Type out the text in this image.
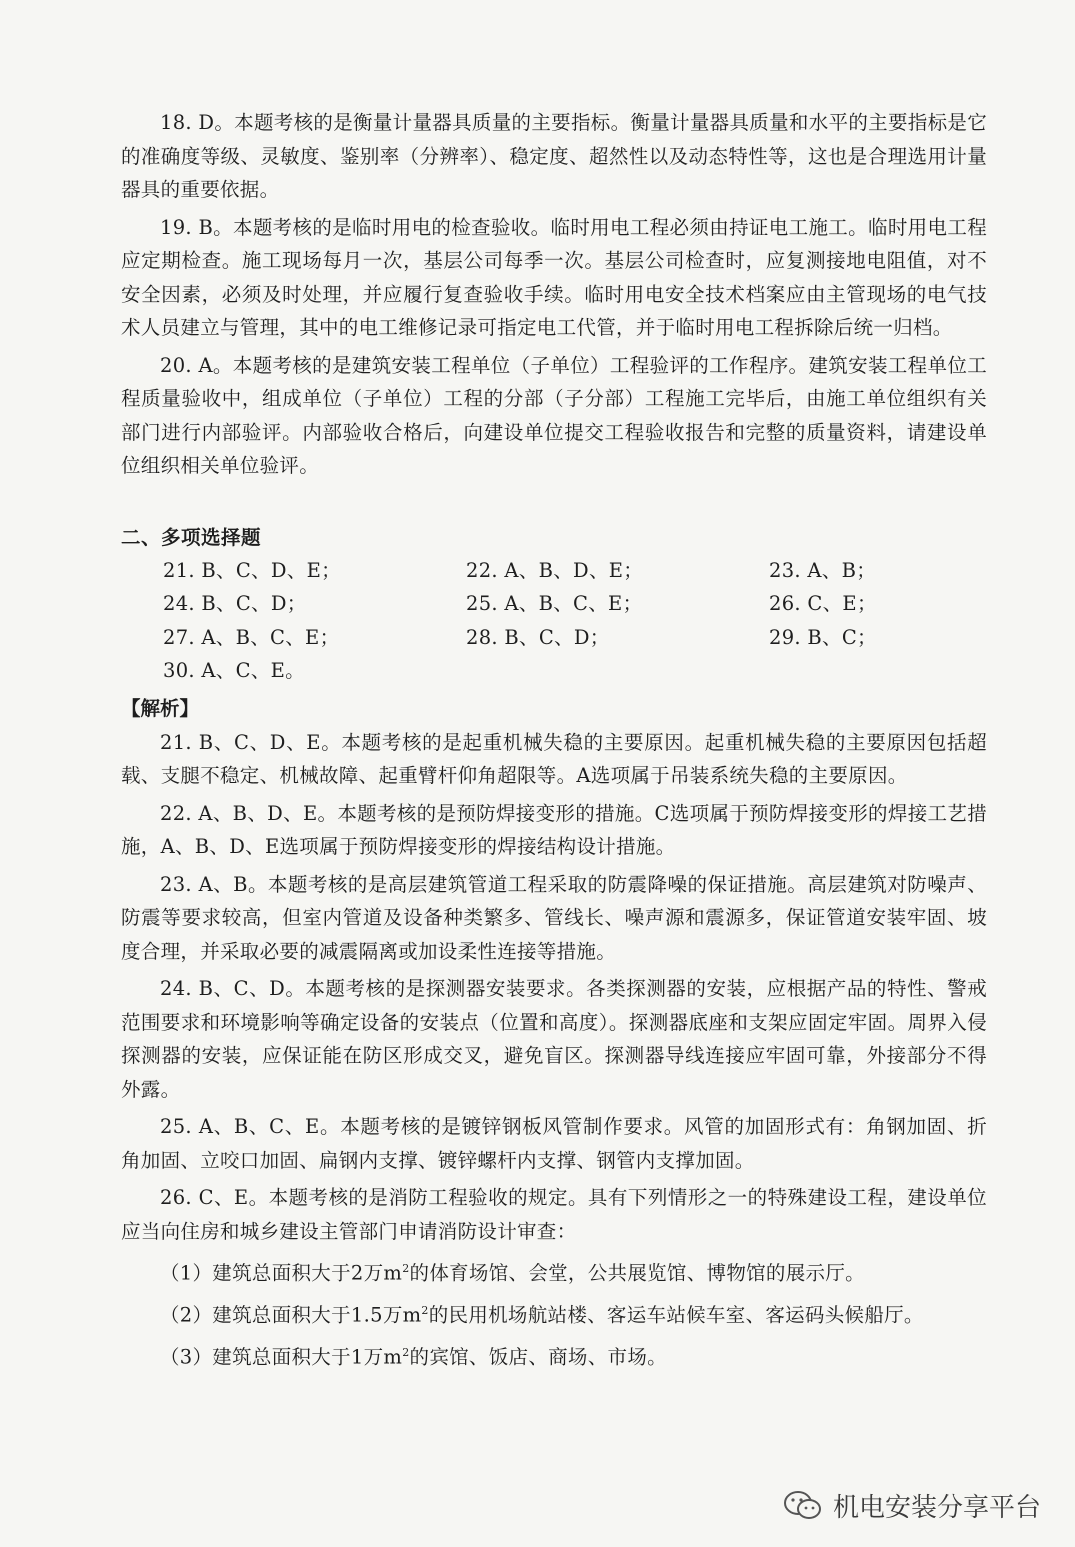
18. D。本题考核的是衡量计量器具质量的主要指标。衡量计量器具质量和水平的主要指标是它的准确度等级、灵敏度、鉴别率（分辨率）、稳定度、超然性以及动态特性等，这也是合理选用计量器具的重要依据。

19. B。本题考核的是临时用电的检查验收。临时用电工程必须由持证电工施工。临时用电工程应定期检查。施工现场每月一次，基层公司每季一次。基层公司检查时，应复测接地电阻值，对不安全因素，必须及时处理，并应履行复查验收手续。临时用电安全技术档案应由主管现场的电气技术人员建立与管理，其中的电工维修记录可指定电工代管，并于临时用电工程拆除后统一归档。

20. A。本题考核的是建筑安装工程单位（子单位）工程验评的工作程序。建筑安装工程单位工程质量验收中，组成单位（子单位）工程的分部（子分部）工程施工完毕后，由施工单位组织有关部门进行内部验评。内部验收合格后，向建设单位提交工程验收报告和完整的质量资料，请建设单位组织相关单位验评。

二、多项选择题
21. B、C、D、E；	22. A、B、D、E；	23. A、B；
24. B、C、D；	25. A、B、C、E；	26. C、E；
27. A、B、C、E；	28. B、C、D；	29. B、C；
30. A、C、E。
【解析】

21. B、C、D、E。本题考核的是起重机械失稳的主要原因。起重机械失稳的主要原因包括超载、支腿不稳定、机械故障、起重臂杆仰角超限等。A选项属于吊装系统失稳的主要原因。

22. A、B、D、E。本题考核的是预防焊接变形的措施。C选项属于预防焊接变形的焊接工艺措施，A、B、D、E选项属于预防焊接变形的焊接结构设计措施。

23. A、B。本题考核的是高层建筑管道工程采取的防震降噪的保证措施。高层建筑对防噪声、防震等要求较高，但室内管道及设备种类繁多、管线长、噪声源和震源多，保证管道安装牢固、坡度合理，并采取必要的减震隔离或加设柔性连接等措施。

24. B、C、D。本题考核的是探测器安装要求。各类探测器的安装，应根据产品的特性、警戒范围要求和环境影响等确定设备的安装点（位置和高度）。探测器底座和支架应固定牢固。周界入侵探测器的安装，应保证能在防区形成交叉，避免盲区。探测器导线连接应牢固可靠，外接部分不得外露。

25. A、B、C、E。本题考核的是镀锌钢板风管制作要求。风管的加固形式有：角钢加固、折角加固、立咬口加固、扁钢内支撑、镀锌螺杆内支撑、钢管内支撑加固。

26. C、E。本题考核的是消防工程验收的规定。具有下列情形之一的特殊建设工程，建设单位应当向住房和城乡建设主管部门申请消防设计审查：

（1）建筑总面积大于2万$m^2$的体育场馆、会堂，公共展览馆、博物馆的展示厅。

（2）建筑总面积大于1.5万$m^2$的民用机场航站楼、客运车站候车室、客运码头候船厅。

（3）建筑总面积大于1万$m^2$的宾馆、饭店、商场、市场。

机电安装分享平台
